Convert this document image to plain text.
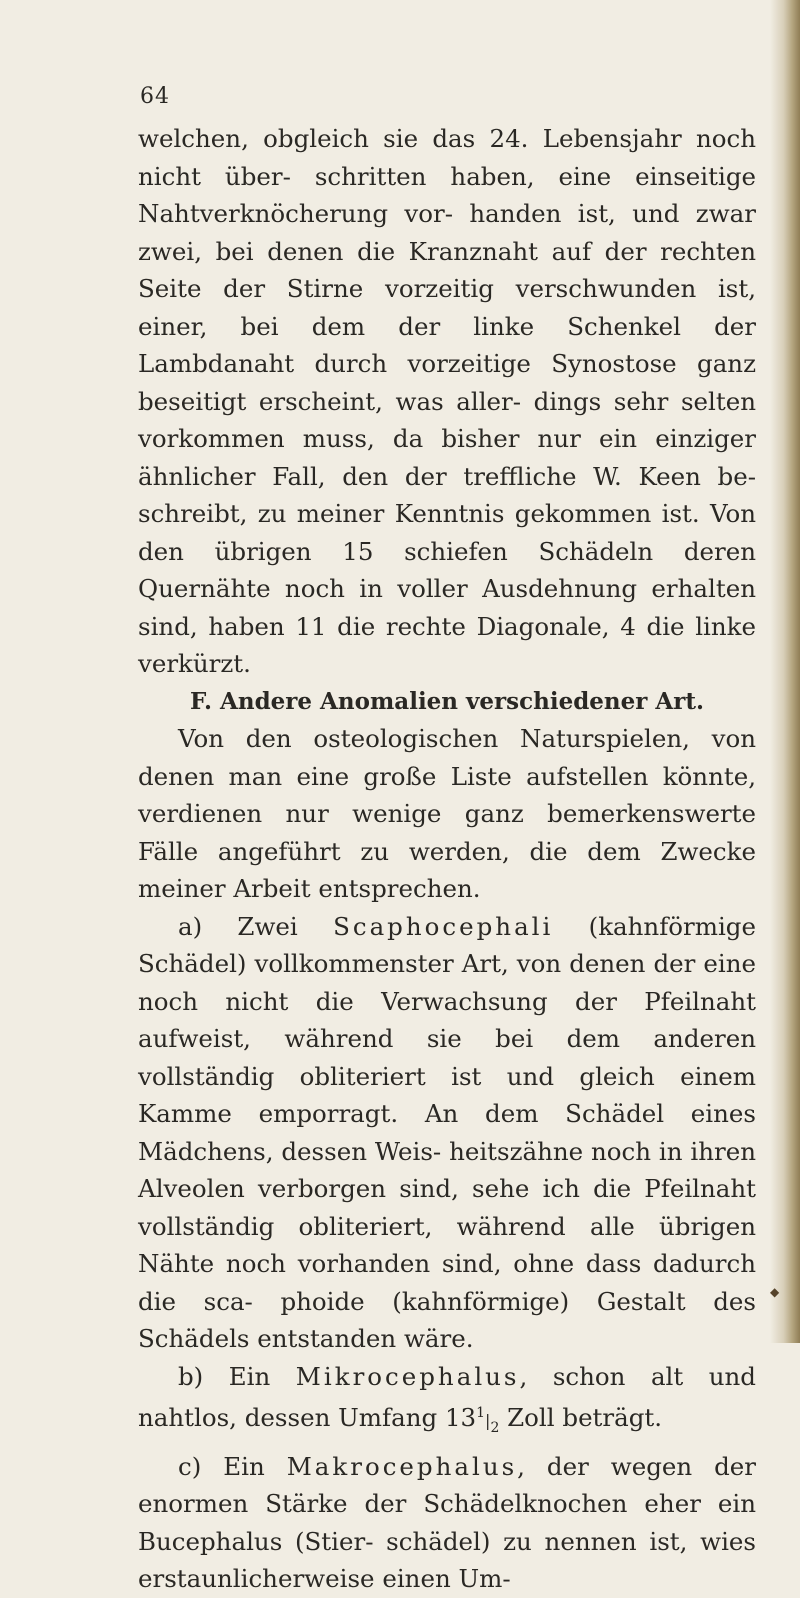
64

welchen, obgleich sie das 24. Lebensjahr noch nicht über- schritten haben, eine einseitige Nahtverknöcherung vor- handen ist, und zwar zwei, bei denen die Kranznaht auf der rechten Seite der Stirne vorzeitig verschwunden ist, einer, bei dem der linke Schenkel der Lambdanaht durch vorzeitige Synostose ganz beseitigt erscheint, was aller- dings sehr selten vorkommen muss, da bisher nur ein einziger ähnlicher Fall, den der treffliche W. Keen be- schreibt, zu meiner Kenntnis gekommen ist. Von den übrigen 15 schiefen Schädeln deren Quernähte noch in voller Ausdehnung erhalten sind, haben 11 die rechte Diagonale, 4 die linke verkürzt.

F. Andere Anomalien verschiedener Art.

Von den osteologischen Naturspielen, von denen man eine große Liste aufstellen könnte, verdienen nur wenige ganz bemerkenswerte Fälle angeführt zu werden, die dem Zwecke meiner Arbeit entsprechen.

a) Zwei Scaphocephali (kahnförmige Schädel) vollkommenster Art, von denen der eine noch nicht die Verwachsung der Pfeilnaht aufweist, während sie bei dem anderen vollständig obliteriert ist und gleich einem Kamme emporragt. An dem Schädel eines Mädchens, dessen Weis- heitszähne noch in ihren Alveolen verborgen sind, sehe ich die Pfeilnaht vollständig obliteriert, während alle übrigen Nähte noch vorhanden sind, ohne dass dadurch die sca- phoide (kahnförmige) Gestalt des Schädels entstanden wäre.

b) Ein Mikrocephalus, schon alt und nahtlos, dessen Umfang $13^1|_2$ Zoll beträgt.

c) Ein Makrocephalus, der wegen der enormen Stärke der Schädelknochen eher ein Bucephalus (Stier- schädel) zu nennen ist, wies erstaunlicherweise einen Um-

◆
